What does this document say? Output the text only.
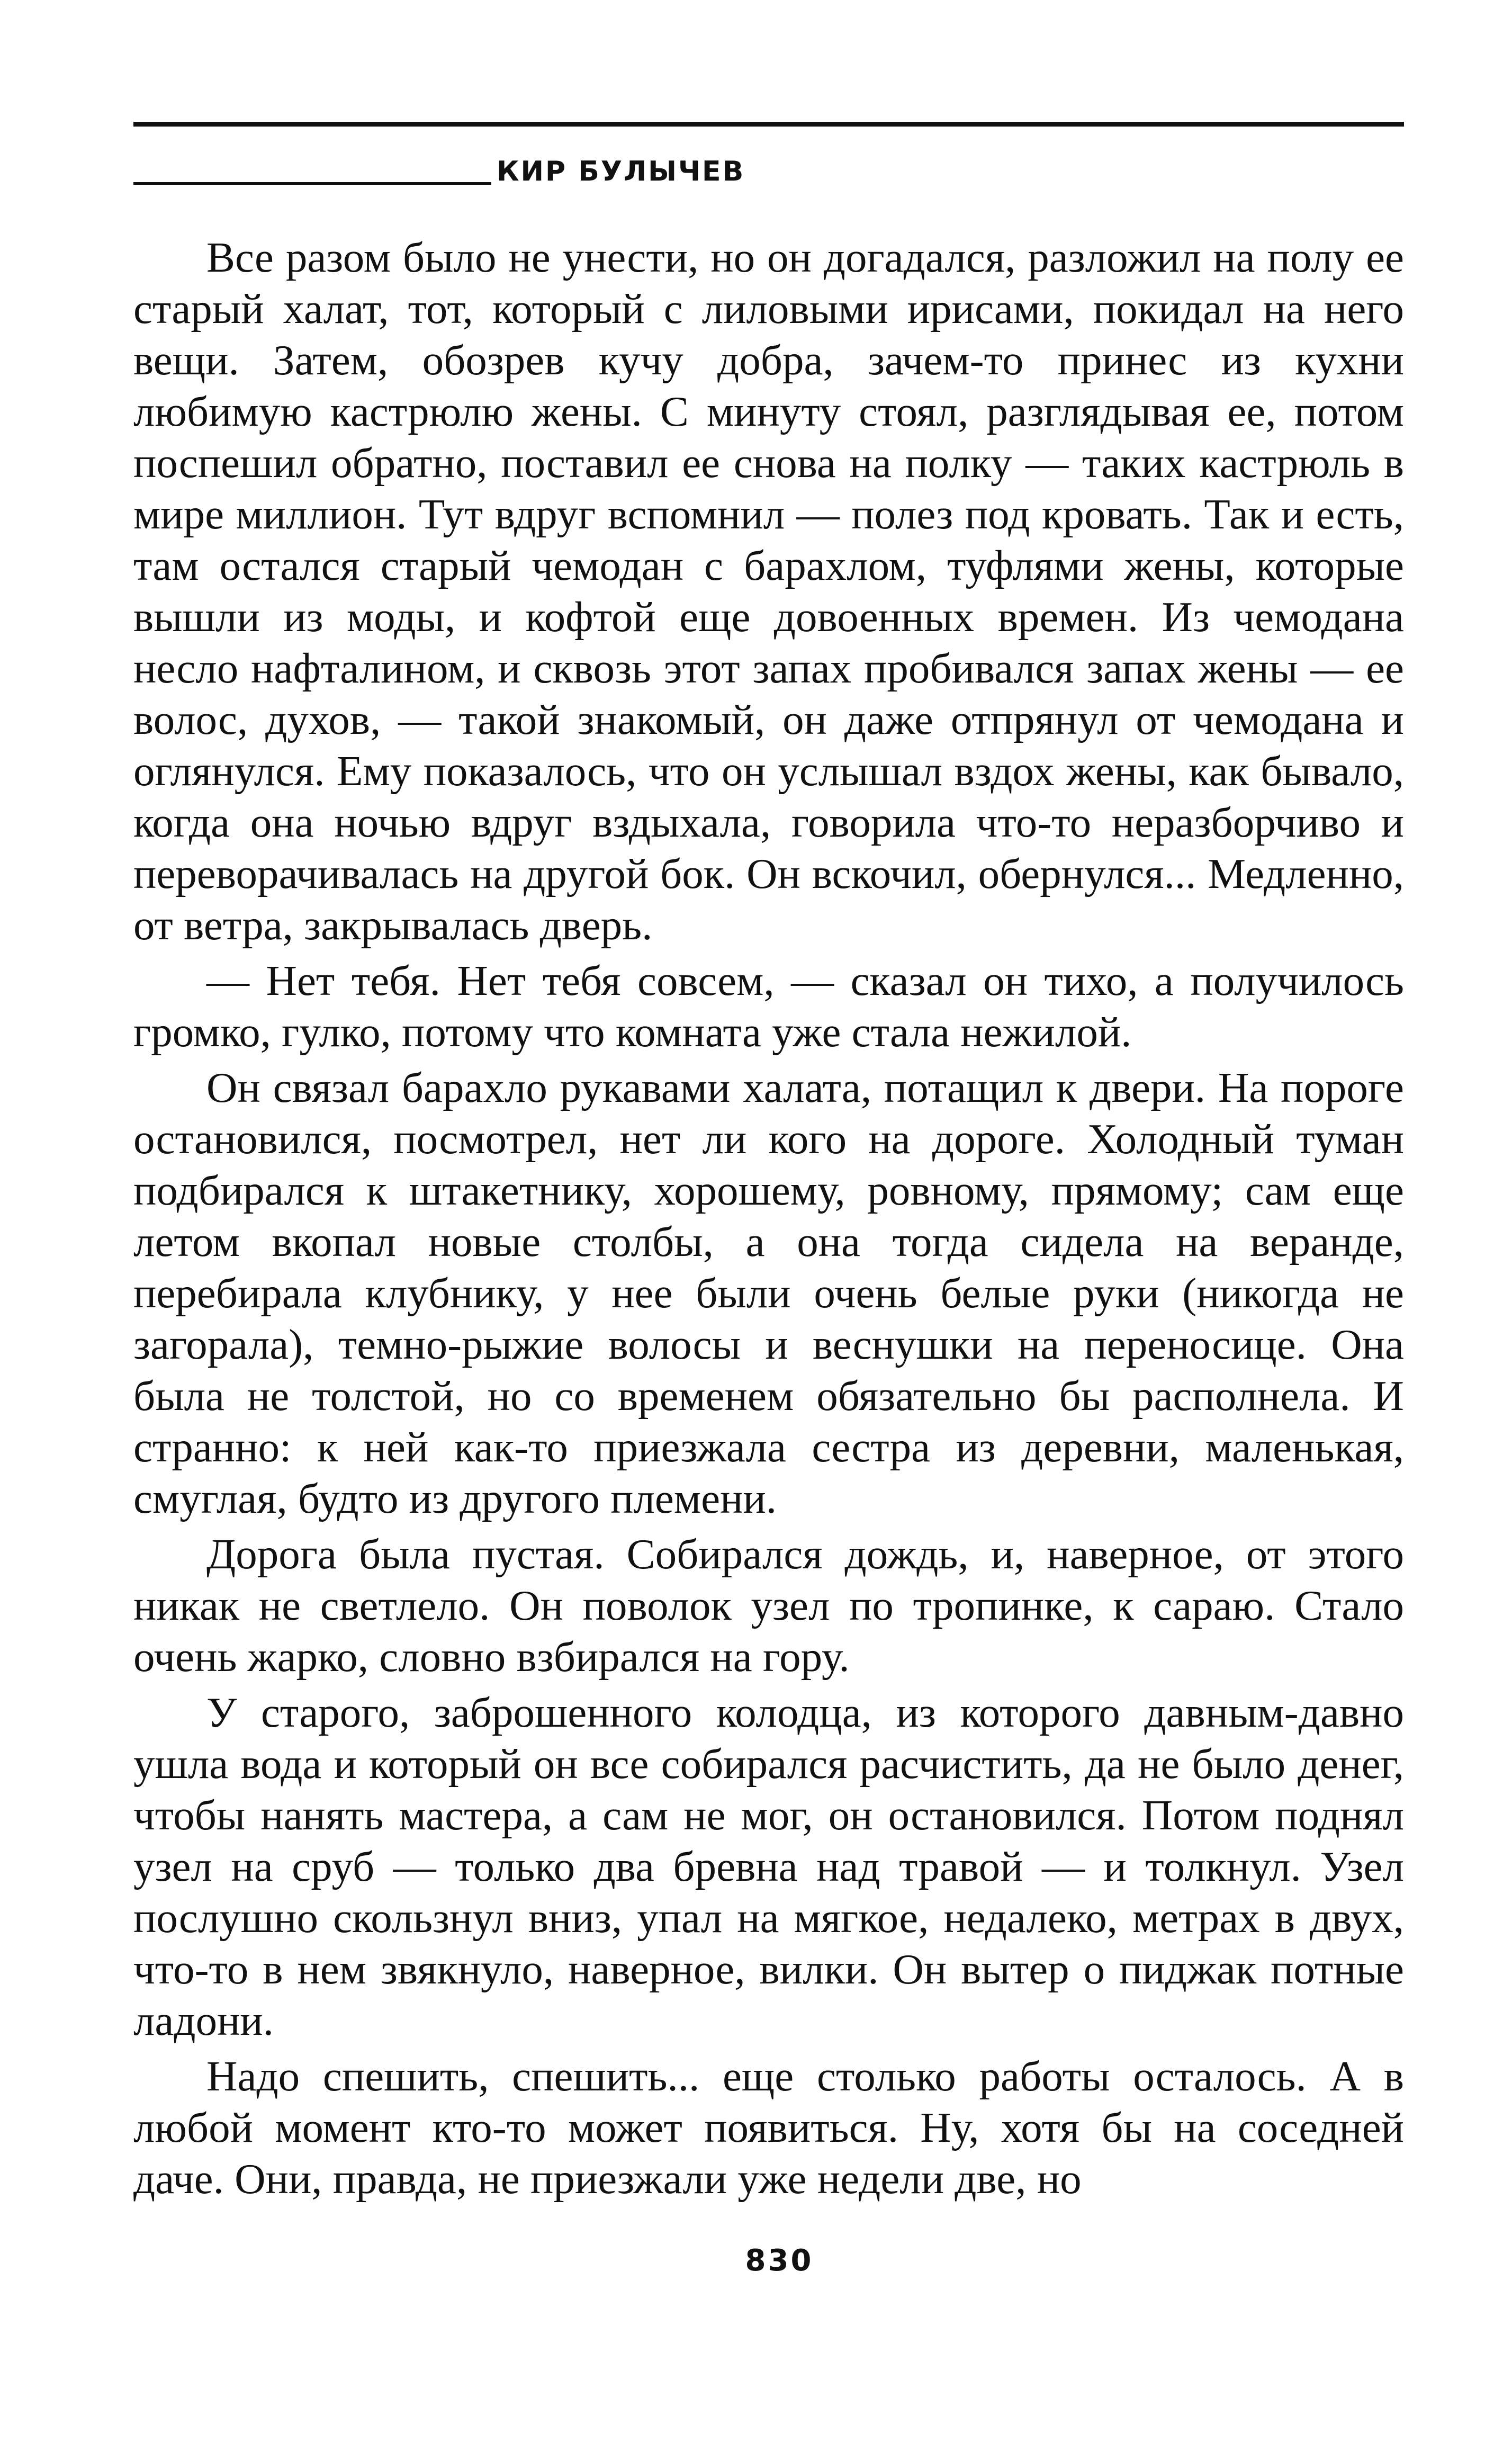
КИР БУЛЫЧЕВ

Все разом было не унести, но он догадался, разложил на полу ее старый халат, тот, который с лиловыми ирисами, покидал на него вещи. Затем, обозрев кучу добра, зачем-то принес из кухни любимую кастрюлю жены. С минуту стоял, разглядывая ее, потом поспешил обратно, поставил ее снова на полку — таких кастрюль в мире миллион. Тут вдруг вспомнил — полез под кровать. Так и есть, там остался старый чемодан с барахлом, туфлями жены, которые вышли из моды, и кофтой еще довоенных времен. Из чемодана несло нафталином, и сквозь этот запах пробивался запах жены — ее волос, духов, — такой знакомый, он даже отпрянул от чемодана и оглянулся. Ему показалось, что он услышал вздох жены, как бывало, когда она ночью вдруг вздыхала, говорила что-то неразборчиво и переворачивалась на другой бок. Он вскочил, обернулся... Медленно, от ветра, закрывалась дверь.

— Нет тебя. Нет тебя совсем, — сказал он тихо, а получилось громко, гулко, потому что комната уже стала нежилой.

Он связал барахло рукавами халата, потащил к двери. На пороге остановился, посмотрел, нет ли кого на дороге. Холодный туман подбирался к штакетнику, хорошему, ровному, прямому; сам еще летом вкопал новые столбы, а она тогда сидела на веранде, перебирала клубнику, у нее были очень белые руки (никогда не загорала), темно-рыжие волосы и веснушки на переносице. Она была не толстой, но со временем обязательно бы располнела. И странно: к ней как-то приезжала сестра из деревни, маленькая, смуглая, будто из другого племени.

Дорога была пустая. Собирался дождь, и, наверное, от этого никак не светлело. Он поволок узел по тропинке, к сараю. Стало очень жарко, словно взбирался на гору.

У старого, заброшенного колодца, из которого давным-давно ушла вода и который он все собирался расчистить, да не было денег, чтобы нанять мастера, а сам не мог, он остановился. Потом поднял узел на сруб — только два бревна над травой — и толкнул. Узел послушно скользнул вниз, упал на мягкое, недалеко, метрах в двух, что-то в нем звякнуло, наверное, вилки. Он вытер о пиджак потные ладони.

Надо спешить, спешить... еще столько работы осталось. А в любой момент кто-то может появиться. Ну, хотя бы на соседней даче. Они, правда, не приезжали уже недели две, но

830
